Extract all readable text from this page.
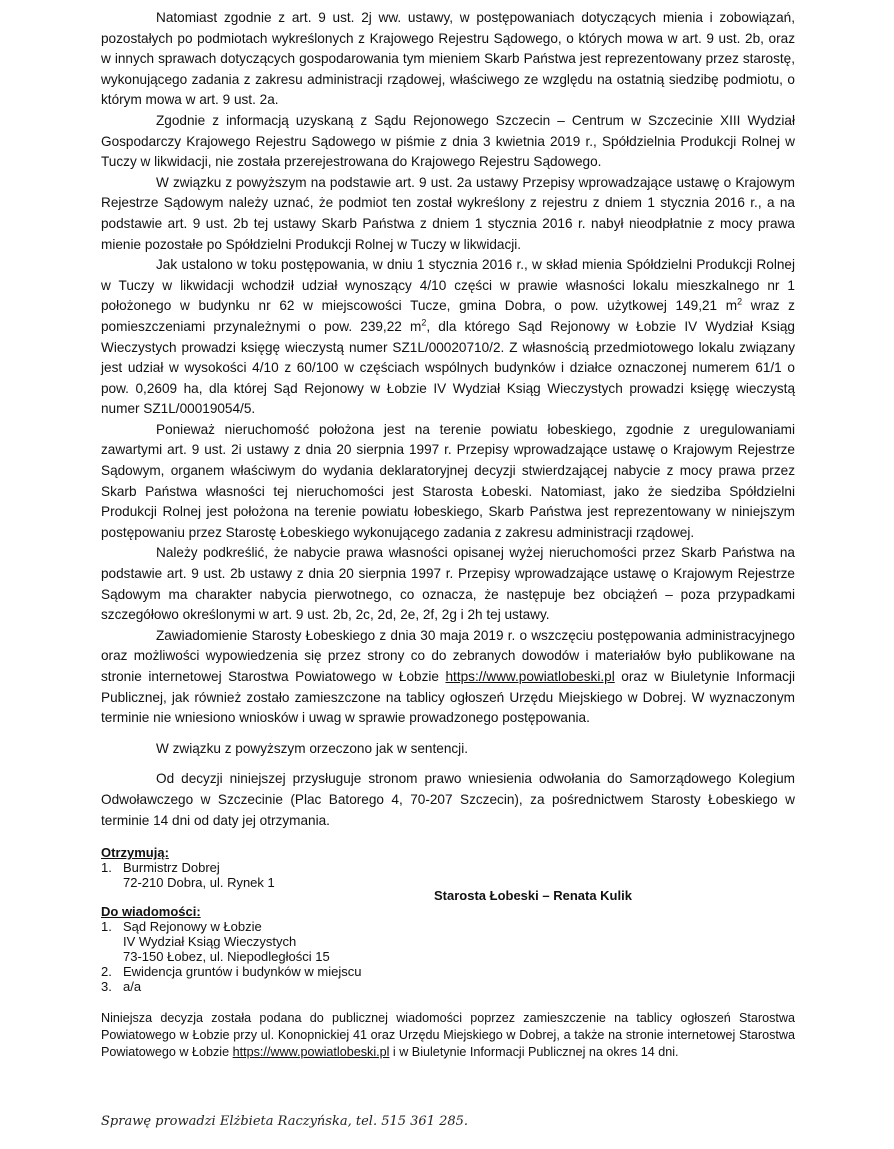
Natomiast zgodnie z art. 9 ust. 2j ww. ustawy, w postępowaniach dotyczących mienia i zobowiązań, pozostałych po podmiotach wykreślonych z Krajowego Rejestru Sądowego, o których mowa w art. 9 ust. 2b, oraz w innych sprawach dotyczących gospodarowania tym mieniem Skarb Państwa jest reprezentowany przez starostę, wykonującego zadania z zakresu administracji rządowej, właściwego ze względu na ostatnią siedzibę podmiotu, o którym mowa w art. 9 ust. 2a.

Zgodnie z informacją uzyskaną z Sądu Rejonowego Szczecin – Centrum w Szczecinie XIII Wydział Gospodarczy Krajowego Rejestru Sądowego w piśmie z dnia 3 kwietnia 2019 r., Spółdzielnia Produkcji Rolnej w Tuczy w likwidacji, nie została przerejestrowana do Krajowego Rejestru Sądowego.

W związku z powyższym na podstawie art. 9 ust. 2a ustawy Przepisy wprowadzające ustawę o Krajowym Rejestrze Sądowym należy uznać, że podmiot ten został wykreślony z rejestru z dniem 1 stycznia 2016 r., a na podstawie art. 9 ust. 2b tej ustawy Skarb Państwa z dniem 1 stycznia 2016 r. nabył nieodpłatnie z mocy prawa mienie pozostałe po Spółdzielni Produkcji Rolnej w Tuczy w likwidacji.

Jak ustalono w toku postępowania, w dniu 1 stycznia 2016 r., w skład mienia Spółdzielni Produkcji Rolnej w Tuczy w likwidacji wchodził udział wynoszący 4/10 części w prawie własności lokalu mieszkalnego nr 1 położonego w budynku nr 62 w miejscowości Tucze, gmina Dobra, o pow. użytkowej 149,21 $m^2$ wraz z pomieszczeniami przynależnymi o pow. 239,22 $m^2$, dla którego Sąd Rejonowy w Łobzie IV Wydział Ksiąg Wieczystych prowadzi księgę wieczystą numer SZ1L/00020710/2. Z własnością przedmiotowego lokalu związany jest udział w wysokości 4/10 z 60/100 w częściach wspólnych budynków i działce oznaczonej numerem 61/1 o pow. 0,2609 ha, dla której Sąd Rejonowy w Łobzie IV Wydział Ksiąg Wieczystych prowadzi księgę wieczystą numer SZ1L/00019054/5.

Ponieważ nieruchomość położona jest na terenie powiatu łobeskiego, zgodnie z uregulowaniami zawartymi art. 9 ust. 2i ustawy z dnia 20 sierpnia 1997 r. Przepisy wprowadzające ustawę o Krajowym Rejestrze Sądowym, organem właściwym do wydania deklaratoryjnej decyzji stwierdzającej nabycie z mocy prawa przez Skarb Państwa własności tej nieruchomości jest Starosta Łobeski. Natomiast, jako że siedziba Spółdzielni Produkcji Rolnej jest położona na terenie powiatu łobeskiego, Skarb Państwa jest reprezentowany w niniejszym postępowaniu przez Starostę Łobeskiego wykonującego zadania z zakresu administracji rządowej.

Należy podkreślić, że nabycie prawa własności opisanej wyżej nieruchomości przez Skarb Państwa na podstawie art. 9 ust. 2b ustawy z dnia 20 sierpnia 1997 r. Przepisy wprowadzające ustawę o Krajowym Rejestrze Sądowym ma charakter nabycia pierwotnego, co oznacza, że następuje bez obciążeń – poza przypadkami szczegółowo określonymi w art. 9 ust. 2b, 2c, 2d, 2e, 2f, 2g i 2h tej ustawy.

Zawiadomienie Starosty Łobeskiego z dnia 30 maja 2019 r. o wszczęciu postępowania administracyjnego oraz możliwości wypowiedzenia się przez strony co do zebranych dowodów i materiałów było publikowane na stronie internetowej Starostwa Powiatowego w Łobzie https://www.powiatlobeski.pl oraz w Biuletynie Informacji Publicznej, jak również zostało zamieszczone na tablicy ogłoszeń Urzędu Miejskiego w Dobrej. W wyznaczonym terminie nie wniesiono wniosków i uwag w sprawie prowadzonego postępowania.

W związku z powyższym orzeczono jak w sentencji.

Od decyzji niniejszej przysługuje stronom prawo wniesienia odwołania do Samorządowego Kolegium Odwoławczego w Szczecinie (Plac Batorego 4, 70-207 Szczecin), za pośrednictwem Starosty Łobeskiego w terminie 14 dni od daty jej otrzymania.

Otrzymują:

1. Burmistrz Dobrej
72-210 Dobra, ul. Rynek 1

Do wiadomości:

1. Sąd Rejonowy w Łobzie
IV Wydział Ksiąg Wieczystych
73-150 Łobez, ul. Niepodległości 15
2. Ewidencja gruntów i budynków w miejscu
3. a/a

Niniejsza decyzja została podana do publicznej wiadomości poprzez zamieszczenie na tablicy ogłoszeń Starostwa Powiatowego w Łobzie przy ul. Konopnickiej 41 oraz Urzędu Miejskiego w Dobrej, a także na stronie internetowej Starostwa Powiatowego w Łobzie https://www.powiatlobeski.pl i w Biuletynie Informacji Publicznej na okres 14 dni.

Starosta Łobeski – Renata Kulik
Sprawę prowadzi Elżbieta Raczyńska, tel. 515 361 285.
